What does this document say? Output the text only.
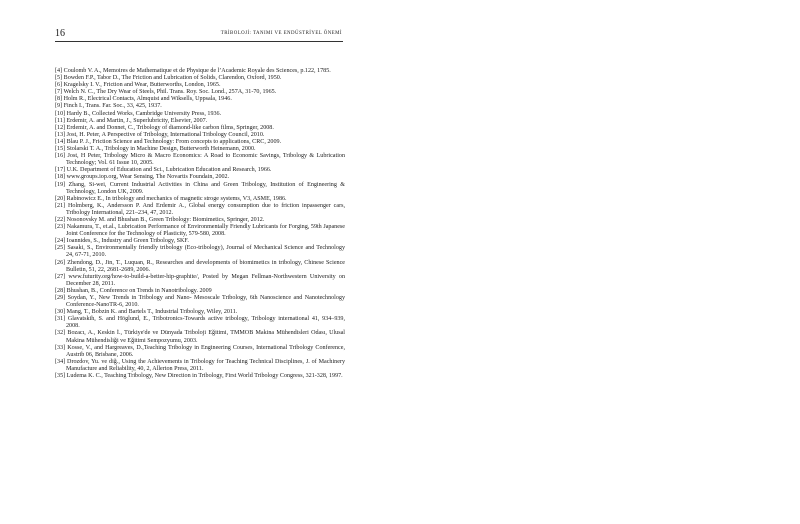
16	TRİBOLOJİ: TANIMI VE ENDÜSTRİYEL ÖNEMİ
[4] Coulomb V. A., Memoires de Mathematique et de Physique de l’Academic Royale des Sciences, p.122, 1785.
[5] Bowden F.P., Tabor D., The Friction and Lubrication of Solids, Clarendon, Oxford, 1950.
[6] Kragelsky I. V., Friction and Wear, Butterworths, London, 1965.
[7] Welch N. C., The Dry Wear of Steels, Phil. Trans. Roy. Soc. Lond., 257A, 31-70, 1965.
[8] Holm R., Electrical Contacts, Almquist and Wiksells, Uppsala, 1946.
[9] Finch I., Trans. Far. Soc., 33, 425, 1937.
[10] Hardy B., Collected Works, Cambridge University Press, 1936.
[11] Erdemir, A. and Martin, J., Superlubricity, Elsevier, 2007.
[12] Erdemir, A. and Donnet, C., Tribology of diamond-like carbon films, Springer, 2008.
[13] Jost, H. Peter, A Perspective of Tribology, International Tribology Council, 2010.
[14] Blau P. J., Friction Science and Technology: From concepts to applications, CRC, 2009.
[15] Stolarski T. A., Tribology in Machine Design, Butterworth Heinemann, 2000.
[16] Jost, H Peter, Tribology Micro & Macro Economics: A Road to Economic Savings, Tribology & Lubrication Technology; Vol. 61 Issue 10, 2005.
[17] U.K. Department of Education and Sci., Lubrication Education and Research, 1966.
[18] www.groups.iop.org, Wear Sensing, The Novartis Foundain, 2002.
[19] Zhang, Si-wei, Current Industrial Activities in China and Green Tribology, Institution of Engineering & Technology, London UK, 2009.
[20] Rabinowicz E., In tribology and mechanics of magnetic stroge systems, V3, ASME, 1986.
[21] Holmberg, K., Andersson P. And Erdemir A., Global energy consumption due to friction inpassenger cars, Tribology International, 221–234, 47, 2012.
[22] Nosonovsky M. and Bhushan B., Green Tribology: Biomimetics, Springer, 2012.
[23] Nakamura, T., et.al., Lubrication Performance of Environmentally Friendly Lubricants for Forging, 59th Japanese Joint Conference for the Technology of Plasticity, 579-580, 2008.
[24] Ioannides, S., Industry and Green Tribology, SKF.
[25] Sasaki, S., Environmentally friendly tribology (Eco-tribology), Journal of Mechanical Science and Technology 24, 67-71, 2010.
[26] Zhendong, D., Jin, T., Luquan, R., Researches and developments of biomimetics in tribology, Chinese Science Bulletin, 51, 22, 2681-2689, 2006.
[27] www.futurity.org/how-to-build-a-better-hip-graphite/, Posted by Megan Fellman-Northwestern University on December 28, 2011.
[28] Bhushan, B., Conference on Trends in Nanotribology. 2009
[29] Soydan, Y., New Trends in Tribology and Nano- Mesoscale Tribology, 6th Nanoscience and Nanotechnology Conference-NanoTR-6, 2010.
[30] Mang, T., Bobzin K. and Bartels T., Industrial Tribology, Wiley, 2011.
[31] Glavatskih, S. and Höglund, E., Tribotronics-Towards active tribology, Tribology international 41, 934–939, 2008.
[32] Bozacı, A., Keskin İ., Türkiye'de ve Dünyada Triboloji Eğitimi, TMMOB Makina Mühendisleri Odası, Ulusal Makina Mühendisliği ve Eğitimi Sempozyumu, 2003.
[33] Kosse, V., and Hargreaves, D.,Teaching Tribology in Engineering Courses, International Tribology Conference, Austrib 06, Brisbane, 2006.
[34] Drozdov, Yu. ve diğ., Using the Achievements in Tribology for Teaching Technical Disciplines, J. of Machinery Manufacture and Reliability, 40, 2, Allerton Press, 2011.
[35] Ludema K. C., Teaching Tribology, New Direction in Tribology, First World Tribology Congress, 321-328, 1997.
